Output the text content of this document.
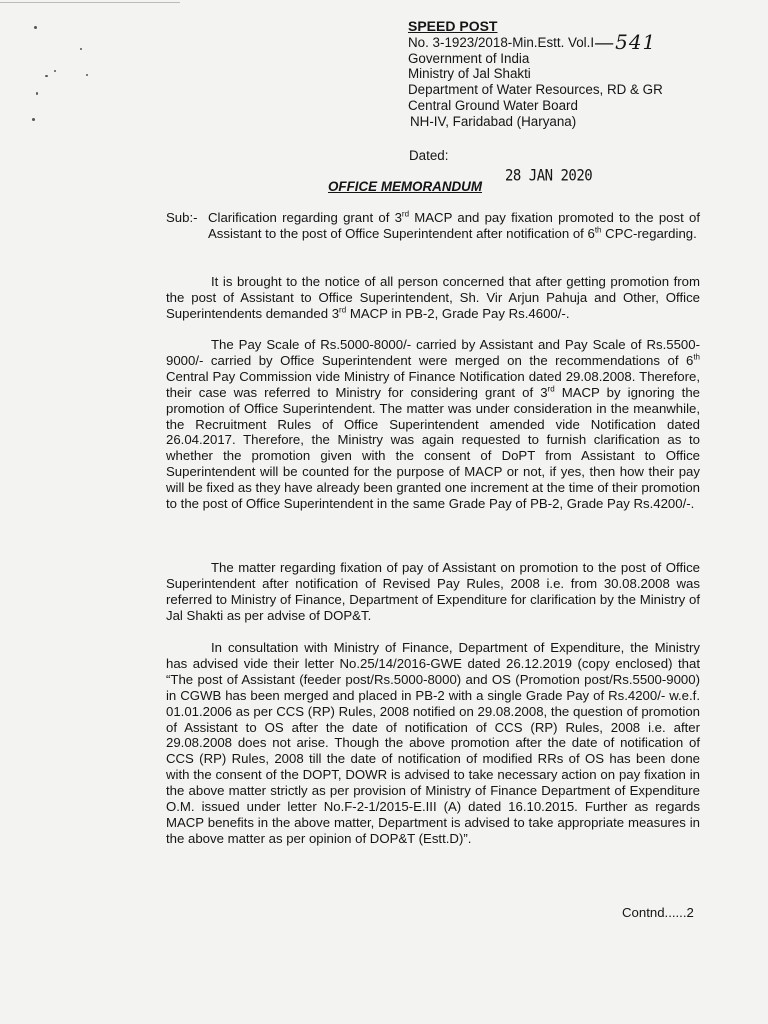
SPEED POST
No. 3-1923/2018-Min.Estt. Vol.I—541
Government of India
Ministry of Jal Shakti
Department of Water Resources, RD & GR
Central Ground Water Board
NH-IV, Faridabad (Haryana)
Dated:
28 JAN 2020
OFFICE MEMORANDUM
Sub:- Clarification regarding grant of 3rd MACP and pay fixation promoted to the post of Assistant to the post of Office Superintendent after notification of 6th CPC-regarding.
It is brought to the notice of all person concerned that after getting promotion from the post of Assistant to Office Superintendent, Sh. Vir Arjun Pahuja and Other, Office Superintendents demanded 3rd MACP in PB-2, Grade Pay Rs.4600/-.
The Pay Scale of Rs.5000-8000/- carried by Assistant and Pay Scale of Rs.5500-9000/- carried by Office Superintendent were merged on the recommendations of 6th Central Pay Commission vide Ministry of Finance Notification dated 29.08.2008. Therefore, their case was referred to Ministry for considering grant of 3rd MACP by ignoring the promotion of Office Superintendent. The matter was under consideration in the meanwhile, the Recruitment Rules of Office Superintendent amended vide Notification dated 26.04.2017. Therefore, the Ministry was again requested to furnish clarification as to whether the promotion given with the consent of DoPT from Assistant to Office Superintendent will be counted for the purpose of MACP or not, if yes, then how their pay will be fixed as they have already been granted one increment at the time of their promotion to the post of Office Superintendent in the same Grade Pay of PB-2, Grade Pay Rs.4200/-.
The matter regarding fixation of pay of Assistant on promotion to the post of Office Superintendent after notification of Revised Pay Rules, 2008 i.e. from 30.08.2008 was referred to Ministry of Finance, Department of Expenditure for clarification by the Ministry of Jal Shakti as per advise of DOP&T.
In consultation with Ministry of Finance, Department of Expenditure, the Ministry has advised vide their letter No.25/14/2016-GWE dated 26.12.2019 (copy enclosed) that “The post of Assistant (feeder post/Rs.5000-8000) and OS (Promotion post/Rs.5500-9000) in CGWB has been merged and placed in PB-2 with a single Grade Pay of Rs.4200/- w.e.f. 01.01.2006 as per CCS (RP) Rules, 2008 notified on 29.08.2008, the question of promotion of Assistant to OS after the date of notification of CCS (RP) Rules, 2008 i.e. after 29.08.2008 does not arise. Though the above promotion after the date of notification of CCS (RP) Rules, 2008 till the date of notification of modified RRs of OS has been done with the consent of the DOPT, DOWR is advised to take necessary action on pay fixation in the above matter strictly as per provision of Ministry of Finance Department of Expenditure O.M. issued under letter No.F-2-1/2015-E.III (A) dated 16.10.2015. Further as regards MACP benefits in the above matter, Department is advised to take appropriate measures in the above matter as per opinion of DOP&T (Estt.D)”.
Contnd......2
